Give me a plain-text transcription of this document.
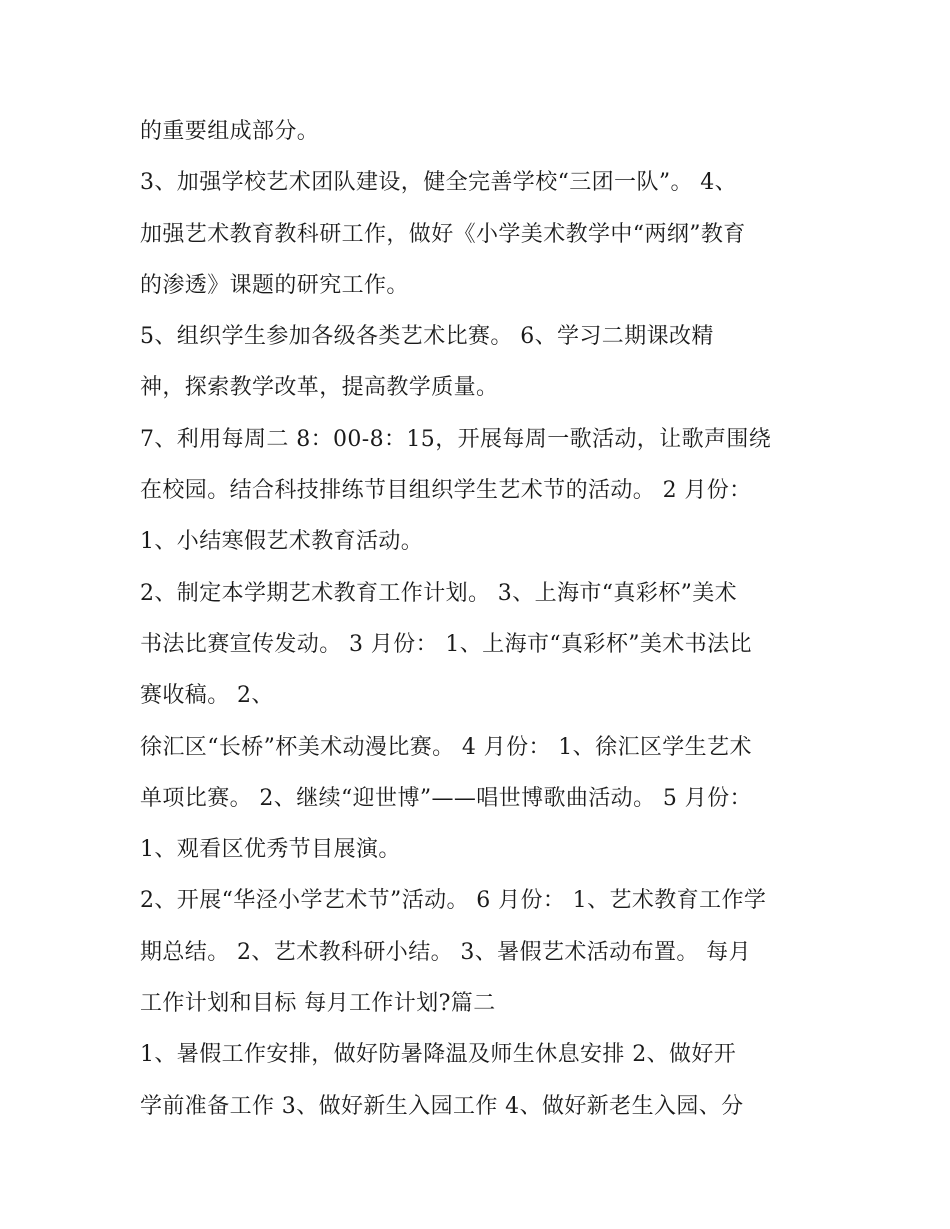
的重要组成部分。
3、加强学校艺术团队建设，健全完善学校“三团一队”。 4、
加强艺术教育教科研工作，做好《小学美术教学中“两纲”教育
的渗透》课题的研究工作。
5、组织学生参加各级各类艺术比赛。 6、学习二期课改精
神，探索教学改革，提高教学质量。
7、利用每周二 8：00-8：15，开展每周一歌活动，让歌声围绕
在校园。结合科技排练节目组织学生艺术节的活动。 2 月份：
1、小结寒假艺术教育活动。
2、制定本学期艺术教育工作计划。 3、上海市“真彩杯”美术
书法比赛宣传发动。 3 月份： 1、上海市“真彩杯”美术书法比
赛收稿。 2、
徐汇区“长桥”杯美术动漫比赛。 4 月份： 1、徐汇区学生艺术
单项比赛。 2、继续“迎世博”——唱世博歌曲活动。 5 月份：
1、观看区优秀节目展演。
2、开展“华泾小学艺术节”活动。 6 月份： 1、艺术教育工作学
期总结。 2、艺术教科研小结。 3、暑假艺术活动布置。 每月
工作计划和目标 每月工作计划?篇二
1、暑假工作安排，做好防暑降温及师生休息安排 2、做好开
学前准备工作 3、做好新生入园工作 4、做好新老生入园、分
